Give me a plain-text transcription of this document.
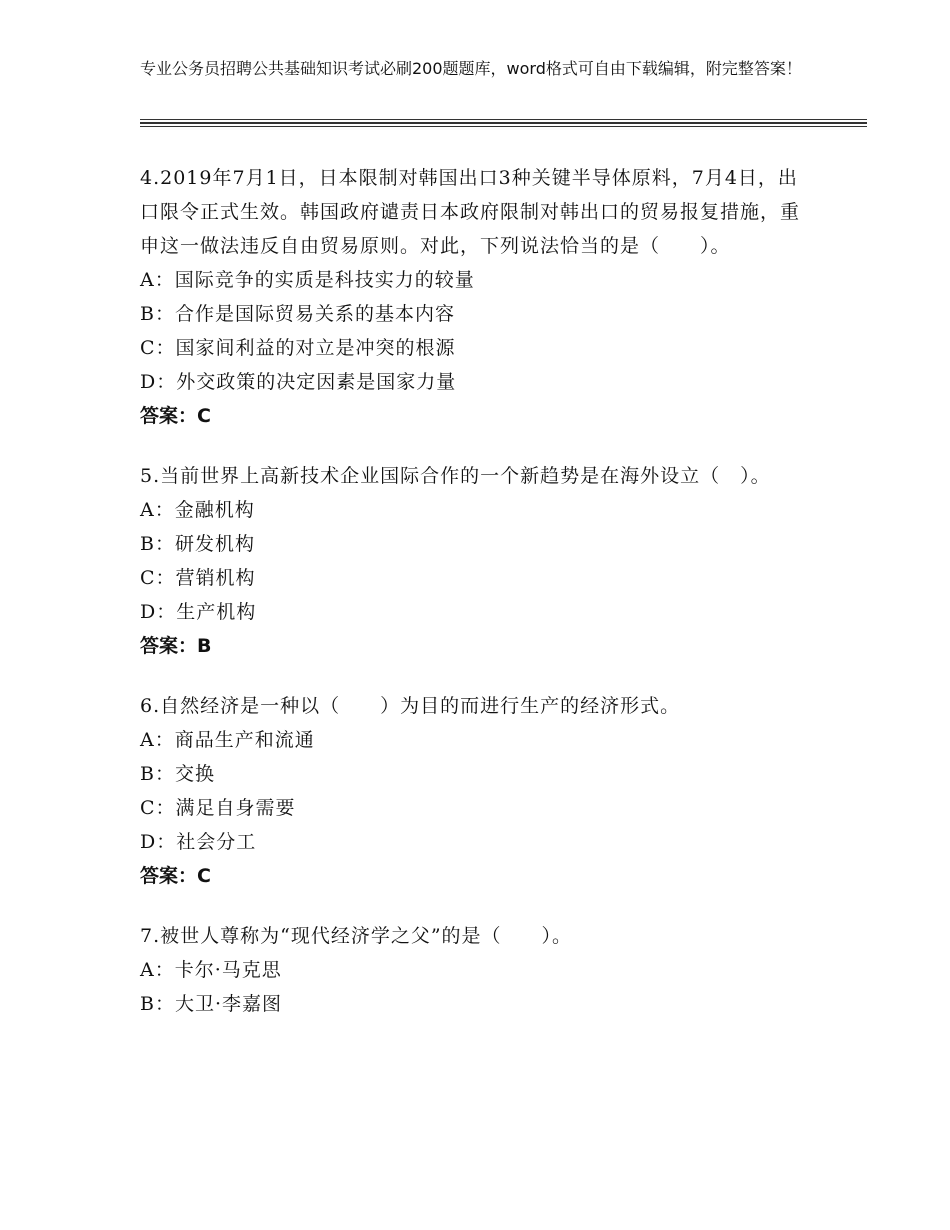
专业公务员招聘公共基础知识考试必刷200题题库，word格式可自由下载编辑，附完整答案！
4.2019年7月1日，日本限制对韩国出口3种关键半导体原料，7月4日，出口限令正式生效。韩国政府谴责日本政府限制对韩出口的贸易报复措施，重申这一做法违反自由贸易原则。对此，下列说法恰当的是（　　）。
A：国际竞争的实质是科技实力的较量
B：合作是国际贸易关系的基本内容
C：国家间利益的对立是冲突的根源
D：外交政策的决定因素是国家力量
答案：C
5.当前世界上高新技术企业国际合作的一个新趋势是在海外设立（　）。
A：金融机构
B：研发机构
C：营销机构
D：生产机构
答案：B
6.自然经济是一种以（　　）为目的而进行生产的经济形式。
A：商品生产和流通
B：交换
C：满足自身需要
D：社会分工
答案：C
7.被世人尊称为“现代经济学之父”的是（　　）。
A：卡尔·马克思
B：大卫·李嘉图
